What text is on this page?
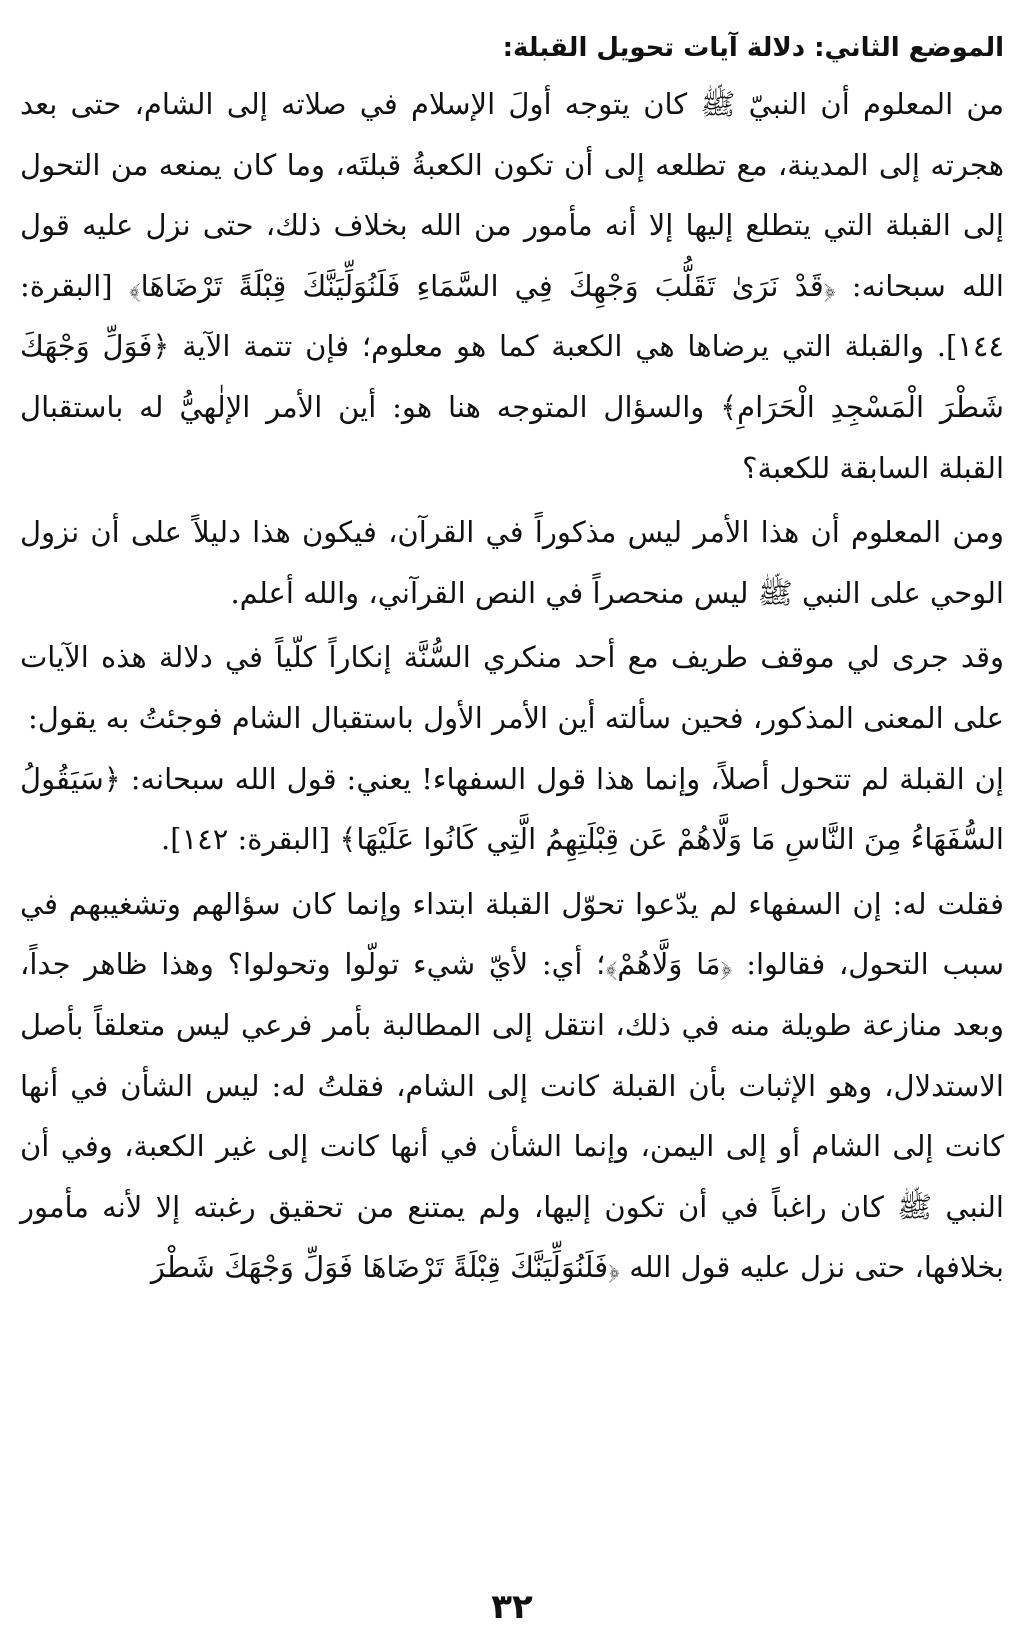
الموضع الثاني: دلالة آيات تحويل القبلة:

من المعلوم أن النبيّ ﷺ كان يتوجه أولَ الإسلام في صلاته إلى الشام، حتى بعد هجرته إلى المدينة، مع تطلعه إلى أن تكون الكعبةُ قبلتَه، وما كان يمنعه من التحول إلى القبلة التي يتطلع إليها إلا أنه مأمور من الله بخلاف ذلك، حتى نزل عليه قول الله سبحانه: ﴿قَدْ نَرَىٰ تَقَلُّبَ وَجْهِكَ فِي السَّمَاءِ فَلَنُوَلِّيَنَّكَ قِبْلَةً تَرْضَاهَا﴾ [البقرة: ١٤٤]. والقبلة التي يرضاها هي الكعبة كما هو معلوم؛ فإن تتمة الآية ﴿فَوَلِّ وَجْهَكَ شَطْرَ الْمَسْجِدِ الْحَرَامِ﴾ والسؤال المتوجه هنا هو: أين الأمر الإلٰهيُّ له باستقبال القبلة السابقة للكعبة؟

ومن المعلوم أن هذا الأمر ليس مذكوراً في القرآن، فيكون هذا دليلاً على أن نزول الوحي على النبي ﷺ ليس منحصراً في النص القرآني، والله أعلم.

وقد جرى لي موقف طريف مع أحد منكري السُّنَّة إنكاراً كلّياً في دلالة هذه الآيات على المعنى المذكور، فحين سألته أين الأمر الأول باستقبال الشام فوجئتُ به يقول:

إن القبلة لم تتحول أصلاً، وإنما هذا قول السفهاء! يعني: قول الله سبحانه: ﴿سَيَقُولُ السُّفَهَاءُ مِنَ النَّاسِ مَا وَلَّاهُمْ عَن قِبْلَتِهِمُ الَّتِي كَانُوا عَلَيْهَا﴾ [البقرة: ١٤٢].

فقلت له: إن السفهاء لم يدّعوا تحوّل القبلة ابتداء وإنما كان سؤالهم وتشغيبهم في سبب التحول، فقالوا: ﴿مَا وَلَّاهُمْ﴾؛ أي: لأيّ شيء تولّوا وتحولوا؟ وهذا ظاهر جداً، وبعد منازعة طويلة منه في ذلك، انتقل إلى المطالبة بأمر فرعي ليس متعلقاً بأصل الاستدلال، وهو الإثبات بأن القبلة كانت إلى الشام، فقلتُ له: ليس الشأن في أنها كانت إلى الشام أو إلى اليمن، وإنما الشأن في أنها كانت إلى غير الكعبة، وفي أن النبي ﷺ كان راغباً في أن تكون إليها، ولم يمتنع من تحقيق رغبته إلا لأنه مأمور بخلافها، حتى نزل عليه قول الله ﴿فَلَنُوَلِّيَنَّكَ قِبْلَةً تَرْضَاهَا فَوَلِّ وَجْهَكَ شَطْرَ

٣٢
